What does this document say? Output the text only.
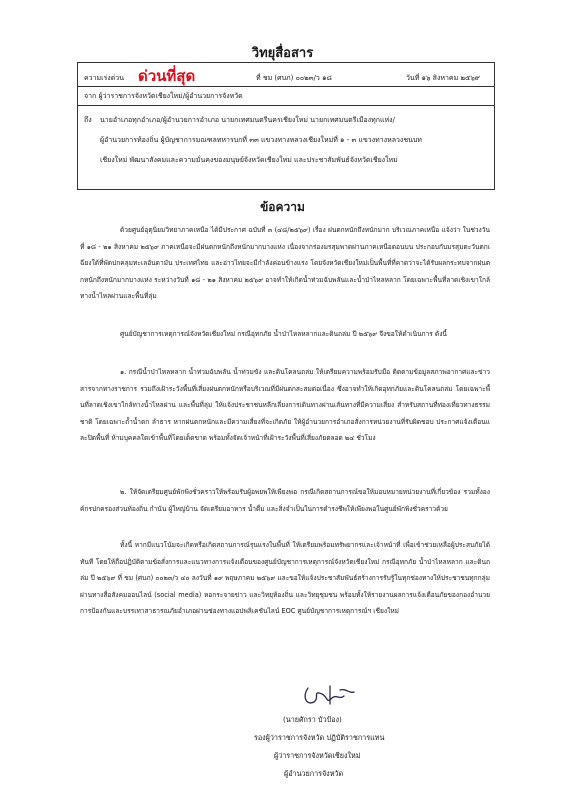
วิทยุสื่อสาร
ความเร่งด่วน ด่วนที่สุด	ที่ ชม (ศบภ) ๐๐๒๓/ว ๑๘	วันที่ ๑๖ สิงหาคม ๒๕๖๙
จาก ผู้ว่าราชการจังหวัดเชียงใหม่/ผู้อำนวยการจังหวัด
ถึง นายอำเภอทุกอำเภอ/ผู้อำนวยการอำเภอ นายกเทศมนตรีนครเชียงใหม่ นายกเทศมนตรีเมืองทุกแห่ง/
ผู้อำนวยการท้องถิ่น ผู้บัญชาการมณฑลทหารบกที่ ๓๓ แขวงทางหลวงเชียงใหม่ที่ ๑ - ๓ แขวงทางหลวงชนบท
เชียงใหม่ พัฒนาสังคมและความมั่นคงของมนุษย์จังหวัดเชียงใหม่ และประชาสัมพันธ์จังหวัดเชียงใหม่
ข้อความ
ด้วยศูนย์อุตุนิยมวิทยาภาคเหนือ ได้มีประกาศ ฉบับที่ ๓ (๔๘/๒๕๖๙) เรื่อง ฝนตกหนักถึงหนักมาก บริเวณภาคเหนือ แจ้งว่า ในช่วงวันที่ ๑๘ - ๒๑ สิงหาคม ๒๕๖๙ ภาคเหนือจะมีฝนตกหนักถึงหนักมากบางแห่ง เนื่องจากร่องมรสุมพาดผ่านภาคเหนือตอนบน ประกอบกับมรสุมตะวันตกเฉียงใต้ที่พัดปกคลุมทะเลอันดามัน ประเทศไทย และอ่าวไทยจะมีกำลังค่อนข้างแรง โดยจังหวัดเชียงใหม่เป็นพื้นที่ที่คาดว่าจะได้รับผลกระทบจากฝนตกหนักถึงหนักมากบางแห่ง ระหว่างวันที่ ๑๘ - ๒๑ สิงหาคม ๒๕๖๙ อาจทำให้เกิดน้ำท่วมฉับพลันและน้ำป่าไหลหลาก โดยเฉพาะพื้นที่ลาดเชิงเขาใกล้ทางน้ำไหลผ่านและพื้นที่ลุ่ม
ศูนย์บัญชาการเหตุการณ์จังหวัดเชียงใหม่ กรณีอุทกภัย น้ำป่าไหลหลากและดินถล่ม ปี ๒๕๖๙ จึงขอให้ดำเนินการ ดังนี้
๑. กรณีน้ำป่าไหลหลาก น้ำท่วมฉับพลัน น้ำท่วมขัง และดินโคลนถล่ม ให้เตรียมความพร้อมรับมือ ติดตามข้อมูลสภาพอากาศและข่าวสารจากทางราชการ รวมถึงเฝ้าระวังพื้นที่เสี่ยงฝนตกหนักหรือบริเวณที่มีฝนตกสะสมต่อเนื่อง ซึ่งอาจทำให้เกิดอุทกภัยและดินโคลนถล่ม โดยเฉพาะพื้นที่ลาดเชิงเขาใกล้ทางน้ำไหลผ่าน และพื้นที่ลุ่ม ให้แจ้งประชาชนหลีกเลี่ยงการเดินทางผ่านเส้นทางที่มีความเสี่ยง สำหรับสถานที่ท่องเที่ยวทางธรรมชาติ โดยเฉพาะถ้ำน้ำตก ลำธาร หากฝนตกหนักและมีความเสี่ยงที่จะเกิดภัย ให้ผู้อำนวยการอำเภอสั่งการหน่วยงานที่รับผิดชอบ ประกาศแจ้งเตือนและปิดพื้นที่ ห้ามบุคคลใดเข้าพื้นที่โดยเด็ดขาด พร้อมทั้งจัดเจ้าหน้าที่เฝ้าระวังพื้นที่เสี่ยงภัยตลอด ๒๔ ชั่วโมง
๒. ให้จัดเตรียมศูนย์พักพิงชั่วคราวให้พร้อมรับผู้อพยพให้เพียงพอ กรณีเกิดสถานการณ์ขอให้มอบหมายหน่วยงานที่เกี่ยวข้อง รวมทั้งองค์กรปกครองส่วนท้องถิ่น กำนัน ผู้ใหญ่บ้าน จัดเตรียมอาหาร น้ำดื่ม และสิ่งจำเป็นในการดำรงชีพให้เพียงพอในศูนย์พักพิงชั่วคราวด้วย
ทั้งนี้ หากมีแนวโน้มจะเกิดหรือเกิดสถานการณ์รุนแรงในพื้นที่ ให้เตรียมพร้อมทรัพยากรและเจ้าหน้าที่ เพื่อเข้าช่วยเหลือผู้ประสบภัยได้ทันที โดยให้ถือปฏิบัติตามข้อสั่งการและแนวทางการแจ้งเตือนของศูนย์บัญชาการเหตุการณ์จังหวัดเชียงใหม่ กรณีอุทกภัย น้ำป่าไหลหลาก และดินถล่ม ปี ๒๕๖๙ ที่ ชม (ศบภ) ๐๐๒๓/ว ๔๐ ลงวันที่ ๑๙ พฤษภาคม ๒๕๖๙ และขอให้แจ้งประชาสัมพันธ์สร้างการรับรู้ในทุกช่องทางให้ประชาชนทุกกลุ่มผ่านทางสื่อสังคมออนไลน์ (social media) หอกระจายข่าว และวิทยุท้องถิ่น และวิทยุชุมชน พร้อมทั้งให้รายงานผลการแจ้งเตือนภัยของกองอำนวยการป้องกันและบรรเทาสาธารณภัยอำเภอผ่านช่องทางแอปพลิเคชันไลน์ EOC ศูนย์บัญชาการเหตุการณ์ฯ เชียงใหม่
(นายศักรา บัวป้อง)
รองผู้ว่าราชการจังหวัด ปฏิบัติราชการแทน
ผู้ว่าราชการจังหวัดเชียงใหม่
ผู้อำนวยการจังหวัด
